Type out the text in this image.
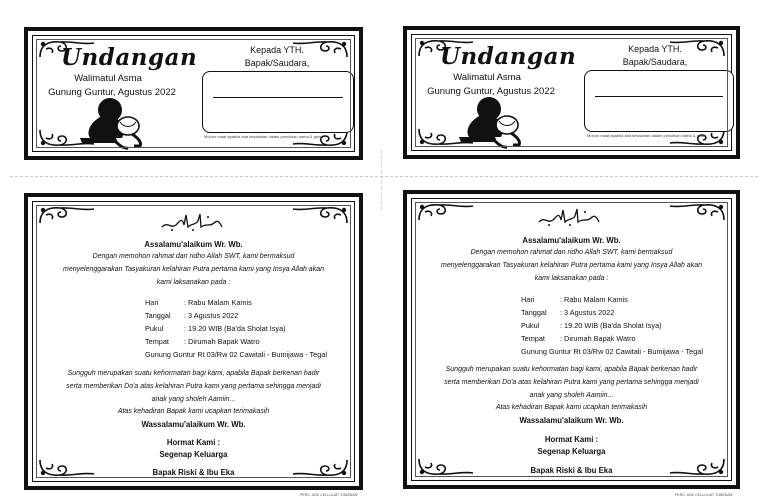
Undangan
Walimatul Asma
Gunung Guntur, Agustus 2022
Kepada YTH.
Bapak/Saudara,
Mohon maaf apabila ada kesalahan dalam penulisan nama & gelar
Undangan
Walimatul Asma
Gunung Guntur, Agustus 2022
Kepada YTH.
Bapak/Saudara,
Mohon maaf apabila ada kesalahan dalam penulisan nama & gelar
Assalamu'alaikum Wr. Wb.
Dengan memohon rahmat dan ridho Allah SWT, kami bermaksud
menyelenggarakan Tasyakuran kelahiran Putra pertama kami yang Insya Allah akan
kami laksanakan pada :
Hari	: Rabu Malam Kamis
Tanggal : 3 Agustus 2022
Pukul	: 19.20 WIB (Ba'da Sholat Isya)
Tempat : Dirumah Bapak Watro
Gunung Guntur Rt 03/Rw 02 Cawitali - Bumijawa - Tegal
Sungguh merupakan suatu kehormatan bagi kami, apabila Bapak berkenan hadir
serta memberikan Do'a atas kelahiran Putra kami yang pertama sehingga menjadi
anak yang sholeh Aamiin...
Atas kehadiran Bapak kami ucapkan terimakasih
Wassalamu'alaikum Wr. Wb.
Hormat Kami :
Segenap Keluarga
Bapak Riski & Ibu Eka
PERC. ANK CELLULAR "DINANAN"
Assalamu'alaikum Wr. Wb.
Dengan memohon rahmat dan ridho Allah SWT, kami bermaksud
menyelenggarakan Tasyakuran kelahiran Putra pertama kami yang Insya Allah akan
kami laksanakan pada :
Hari	: Rabu Malam Kamis
Tanggal : 3 Agustus 2022
Pukul	: 19.20 WIB (Ba'da Sholat Isya)
Tempat : Dirumah Bapak Watro
Gunung Guntur Rt 03/Rw 02 Cawitali - Bumijawa - Tegal
Sungguh merupakan suatu kehormatan bagi kami, apabila Bapak berkenan hadir
serta memberikan Do'a atas kelahiran Putra kami yang pertama sehingga menjadi
anak yang sholeh Aamiin...
Atas kehadiran Bapak kami ucapkan terimakasih
Wassalamu'alaikum Wr. Wb.
Hormat Kami :
Segenap Keluarga
Bapak Riski & Ibu Eka
PERC. ANK CELLULAR "DINANAN"
